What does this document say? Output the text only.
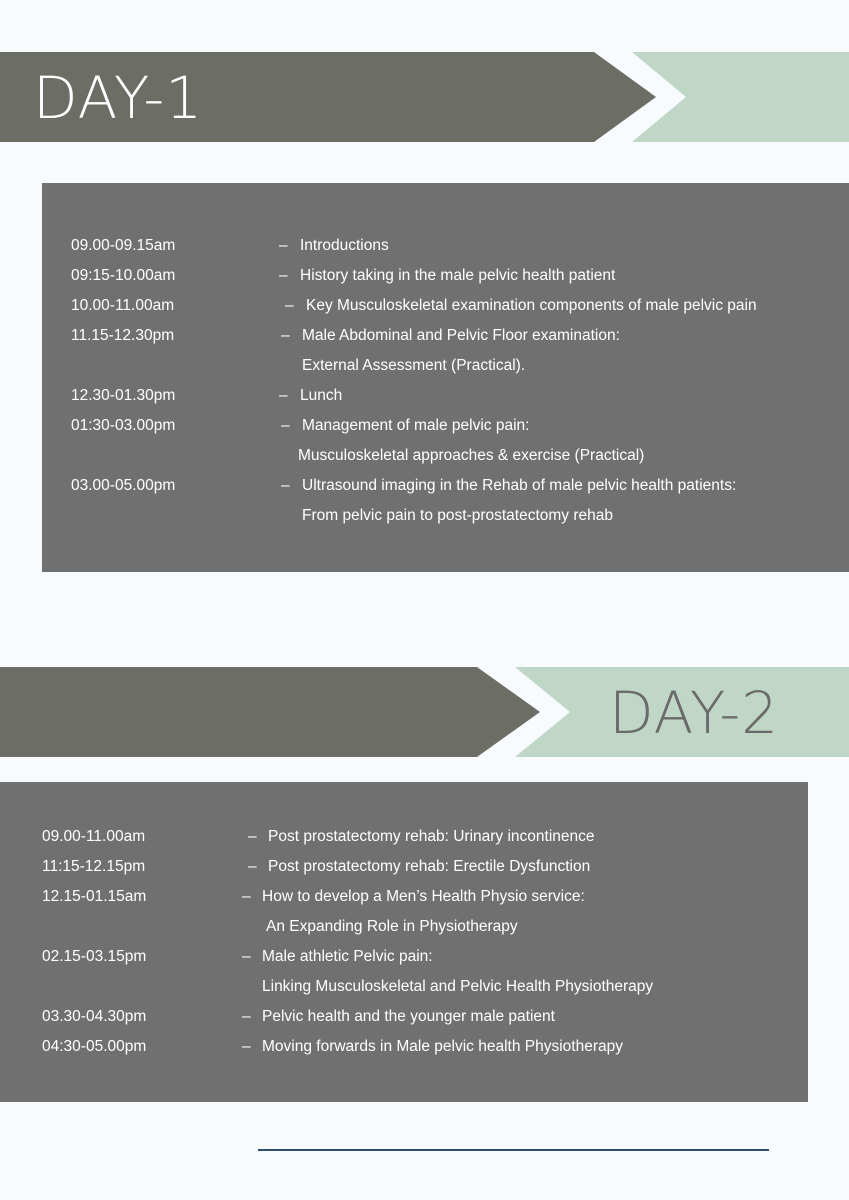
DAY-1
09.00-09.15am	– Introductions
09:15-10.00am	– History taking in the male pelvic health patient
10.00-11.00am	– Key Musculoskeletal examination components of male pelvic pain
11.15-12.30pm	– Male Abdominal and Pelvic Floor examination:
External Assessment (Practical).
12.30-01.30pm	– Lunch
01:30-03.00pm	– Management of male pelvic pain:
Musculoskeletal approaches & exercise (Practical)
03.00-05.00pm	– Ultrasound imaging in the Rehab of male pelvic health patients:
From pelvic pain to post-prostatectomy rehab
DAY-2
09.00-11.00am	– Post prostatectomy rehab: Urinary incontinence
11:15-12.15pm	– Post prostatectomy rehab: Erectile Dysfunction
12.15-01.15am	– How to develop a Men’s Health Physio service:
An Expanding Role in Physiotherapy
02.15-03.15pm	– Male athletic Pelvic pain:
Linking Musculoskeletal and Pelvic Health Physiotherapy
03.30-04.30pm	– Pelvic health and the younger male patient
04:30-05.00pm	– Moving forwards in Male pelvic health Physiotherapy
